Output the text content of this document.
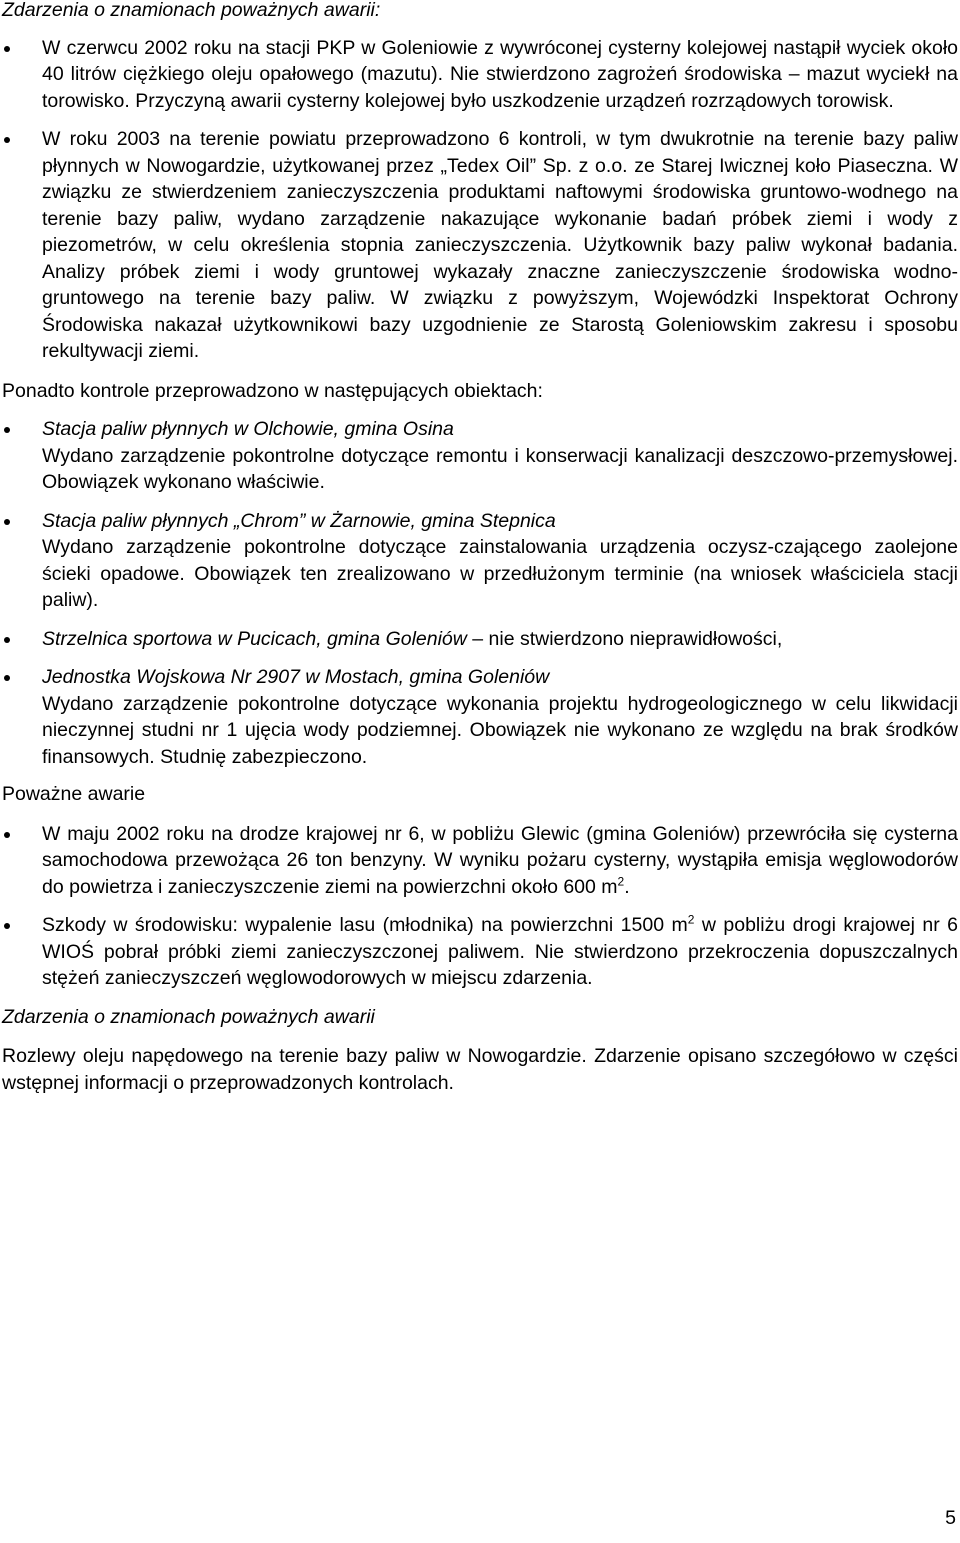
Zdarzenia o znamionach poważnych awarii:

W czerwcu 2002 roku na stacji PKP w Goleniowie z wywróconej cysterny kolejowej nastąpił wyciek około 40 litrów ciężkiego oleju opałowego (mazutu). Nie stwierdzono zagrożeń środowiska – mazut wyciekł na torowisko. Przyczyną awarii cysterny kolejowej było uszkodzenie urządzeń rozrządowych torowisk.
W roku 2003 na terenie powiatu przeprowadzono 6 kontroli, w tym dwukrotnie na terenie bazy paliw płynnych w Nowogardzie, użytkowanej przez „Tedex Oil” Sp. z o.o. ze Starej Iwicznej koło Piaseczna. W związku ze stwierdzeniem zanieczyszczenia produktami naftowymi środowiska gruntowo-wodnego na terenie bazy paliw, wydano zarządzenie nakazujące wykonanie badań próbek ziemi i wody z piezometrów, w celu określenia stopnia zanieczyszczenia. Użytkownik bazy paliw wykonał badania. Analizy próbek ziemi i wody gruntowej wykazały znaczne zanieczyszczenie środowiska wodno-gruntowego na terenie bazy paliw. W związku z powyższym, Wojewódzki Inspektorat Ochrony Środowiska nakazał użytkownikowi bazy uzgodnienie ze Starostą Goleniowskim zakresu i sposobu rekultywacji ziemi.

Ponadto kontrole przeprowadzono w następujących obiektach:

Stacja paliw płynnych w Olchowie, gmina Osina
Wydano zarządzenie pokontrolne dotyczące remontu i konserwacji kanalizacji deszczowo-przemysłowej. Obowiązek wykonano właściwie.
Stacja paliw płynnych „Chrom” w Żarnowie, gmina Stepnica
Wydano zarządzenie pokontrolne dotyczące zainstalowania urządzenia oczysz-czającego zaolejone ścieki opadowe. Obowiązek ten zrealizowano w przedłużonym terminie (na wniosek właściciela stacji paliw).
Strzelnica sportowa w Pucicach, gmina Goleniów – nie stwierdzono nieprawidłowości,
Jednostka Wojskowa Nr 2907 w Mostach, gmina Goleniów
Wydano zarządzenie pokontrolne dotyczące wykonania projektu hydrogeologicznego w celu likwidacji nieczynnej studni nr 1 ujęcia wody podziemnej. Obowiązek nie wykonano ze względu na brak środków finansowych. Studnię zabezpieczono.

Poważne awarie

W maju 2002 roku na drodze krajowej nr 6, w pobliżu Glewic (gmina Goleniów) przewróciła się cysterna samochodowa przewożąca 26 ton benzyny. W wyniku pożaru cysterny, wystąpiła emisja węglowodorów do powietrza i zanieczyszczenie ziemi na powierzchni około 600 $m^2$.
Szkody w środowisku: wypalenie lasu (młodnika) na powierzchni 1500 $m^2$ w pobliżu drogi krajowej nr 6 WIOŚ pobrał próbki ziemi zanieczyszczonej paliwem. Nie stwierdzono przekroczenia dopuszczalnych stężeń zanieczyszczeń węglowodorowych w miejscu zdarzenia.

Zdarzenia o znamionach poważnych awarii

Rozlewy oleju napędowego na terenie bazy paliw w Nowogardzie. Zdarzenie opisano szczegółowo w części wstępnej informacji o przeprowadzonych kontrolach.

5
